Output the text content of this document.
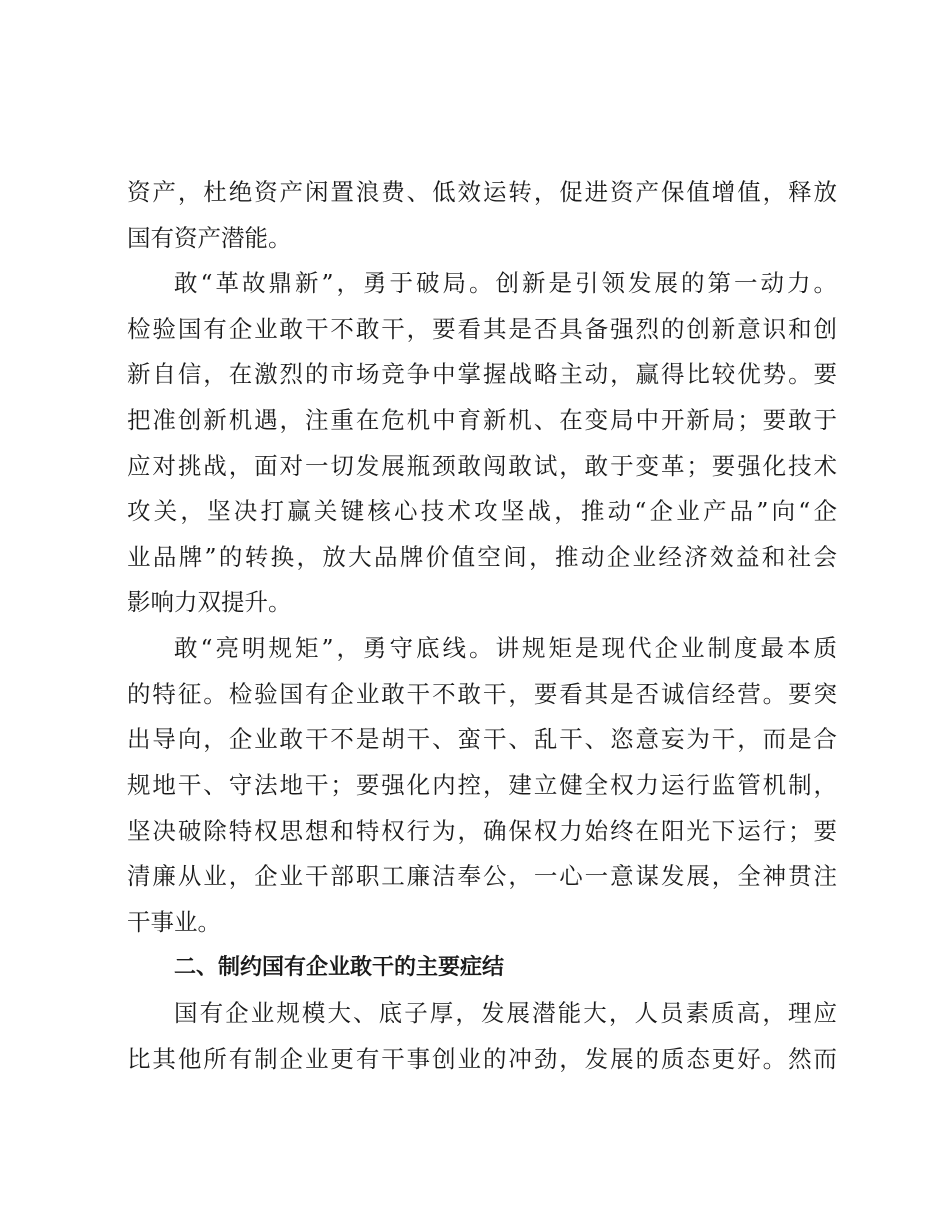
资产，杜绝资产闲置浪费、低效运转，促进资产保值增值，释放
国有资产潜能。
敢“革故鼎新”，勇于破局。创新是引领发展的第一动力。
检验国有企业敢干不敢干，要看其是否具备强烈的创新意识和创
新自信，在激烈的市场竞争中掌握战略主动，赢得比较优势。要
把准创新机遇，注重在危机中育新机、在变局中开新局；要敢于
应对挑战，面对一切发展瓶颈敢闯敢试，敢于变革；要强化技术
攻关，坚决打赢关键核心技术攻坚战，推动“企业产品”向“企
业品牌”的转换，放大品牌价值空间，推动企业经济效益和社会
影响力双提升。
敢“亮明规矩”，勇守底线。讲规矩是现代企业制度最本质
的特征。检验国有企业敢干不敢干，要看其是否诚信经营。要突
出导向，企业敢干不是胡干、蛮干、乱干、恣意妄为干，而是合
规地干、守法地干；要强化内控，建立健全权力运行监管机制，
坚决破除特权思想和特权行为，确保权力始终在阳光下运行；要
清廉从业，企业干部职工廉洁奉公，一心一意谋发展，全神贯注
干事业。
二、制约国有企业敢干的主要症结
国有企业规模大、底子厚，发展潜能大，人员素质高，理应
比其他所有制企业更有干事创业的冲劲，发展的质态更好。然而
